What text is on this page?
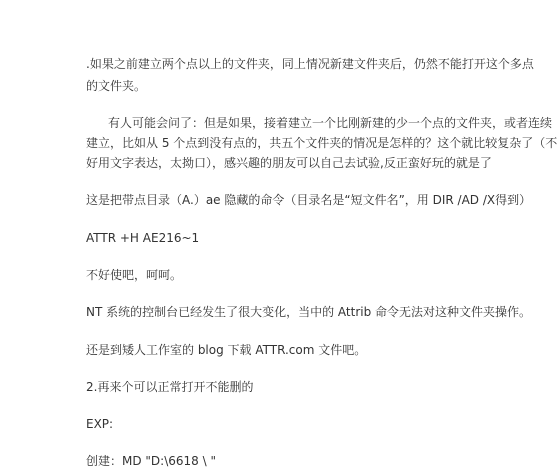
.如果之前建立两个点以上的文件夹，同上情况新建文件夹后，仍然不能打开这个多点
的文件夹。
有人可能会问了：但是如果，接着建立一个比刚新建的少一个点的文件夹，或者连续
建立，比如从 5 个点到没有点的，共五个文件夹的情况是怎样的？这个就比较复杂了（不
好用文字表达，太拗口），感兴趣的朋友可以自己去试验,反正蛮好玩的就是了
这是把带点目录（A.）ae 隐藏的命令（目录名是“短文件名”，用 DIR /AD /X得到）
ATTR +H AE216~1
不好使吧，呵呵。
NT 系统的控制台已经发生了很大变化，当中的 Attrib 命令无法对这种文件夹操作。
还是到矮人工作室的 blog 下载 ATTR.com 文件吧。
2.再来个可以正常打开不能删的
EXP:
创建：MD "D:\6618 \ "
